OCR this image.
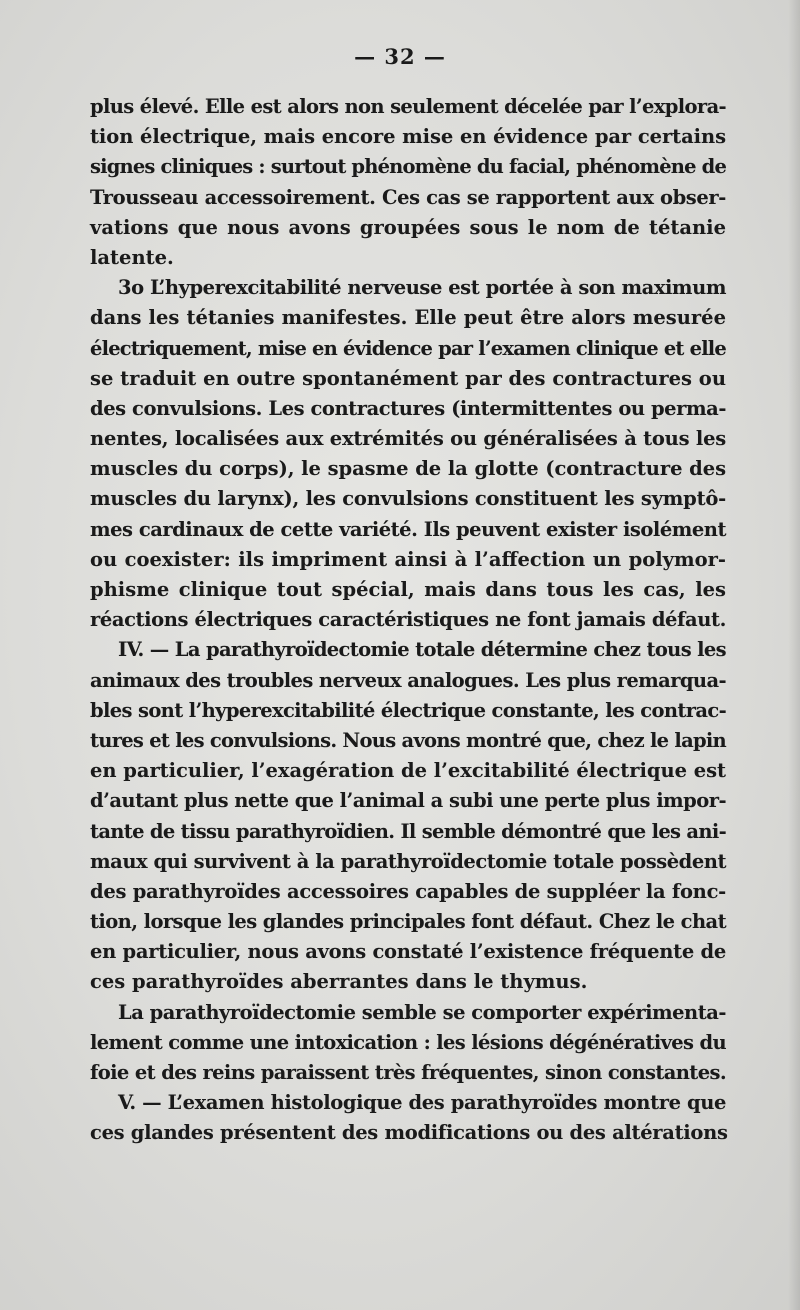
— 32 —
plus élevé. Elle est alors non seulement décelée par l’explora-
tion électrique, mais encore mise en évidence par certains
signes cliniques : surtout phénomène du facial, phénomène de
Trousseau accessoirement. Ces cas se rapportent aux obser-
vations que nous avons groupées sous le nom de tétanie
latente.
3o L’hyperexcitabilité nerveuse est portée à son maximum
dans les tétanies manifestes. Elle peut être alors mesurée
électriquement, mise en évidence par l’examen clinique et elle
se traduit en outre spontanément par des contractures ou
des convulsions. Les contractures (intermittentes ou perma-
nentes, localisées aux extrémités ou généralisées à tous les
muscles du corps), le spasme de la glotte (contracture des
muscles du larynx), les convulsions constituent les symptô-
mes cardinaux de cette variété. Ils peuvent exister isolément
ou coexister: ils impriment ainsi à l’affection un polymor-
phisme clinique tout spécial, mais dans tous les cas, les
réactions électriques caractéristiques ne font jamais défaut.
IV. — La parathyroïdectomie totale détermine chez tous les
animaux des troubles nerveux analogues. Les plus remarqua-
bles sont l’hyperexcitabilité électrique constante, les contrac-
tures et les convulsions. Nous avons montré que, chez le lapin
en particulier, l’exagération de l’excitabilité électrique est
d’autant plus nette que l’animal a subi une perte plus impor-
tante de tissu parathyroïdien. Il semble démontré que les ani-
maux qui survivent à la parathyroïdectomie totale possèdent
des parathyroïdes accessoires capables de suppléer la fonc-
tion, lorsque les glandes principales font défaut. Chez le chat
en particulier, nous avons constaté l’existence fréquente de
ces parathyroïdes aberrantes dans le thymus.
La parathyroïdectomie semble se comporter expérimenta-
lement comme une intoxication : les lésions dégénératives du
foie et des reins paraissent très fréquentes, sinon constantes.
V. — L’examen histologique des parathyroïdes montre que
ces glandes présentent des modifications ou des altérations
